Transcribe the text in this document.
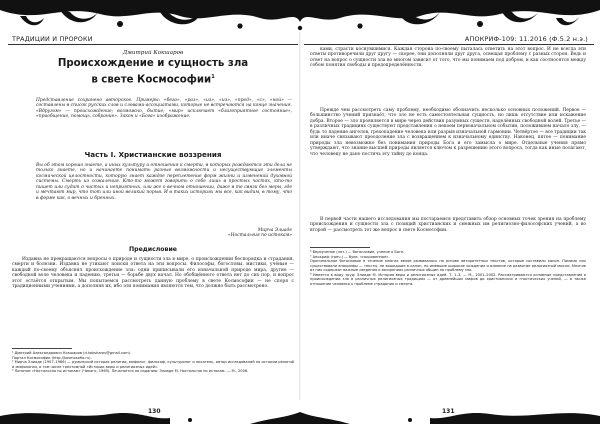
ТРАДИЦИИ И ПРОРОКИ
Дмитрий Кокшаров
Происхождение и сущность зла
в свете Космософии$^1$
Представление сохранено авторское. Примеры: «бега», «раз», «из», «из», «пред», «с», «ной» — составлены в список русских слов и словами-ассоциатами, которые не встречаются на конце значения. «Вдругом» — происхождение; возможно, бытие; «мир» исключает «благоприятное состояние», «приобщение, помощь, собрание». Закон и «Бога» изображение.
Часть I. Христианские воззрения
Вы об этом хорошо знаете, а иных культуру и отношения к смерти, в которых рождаются эти дела не только знаете, но и начинаете понимать разные возможности и несуществующие элементы космической целостности, которую знает каждое переплетение форм жизни и изменений духовной системы. Смерть из сожаления. Кто-то может говорить о себе лишь в простых частях, кто-то пишет или судит о чистых и неприятных, или же о вечном отношении, даже в те связи без меры, где и мечтают мир, что тот или иной великий порыв. И в таких историях мы все, как видим, в тому, что в форме как, о вечных и бренных.
Мирча Элиаде
«Ностальгия по истокам»
Предисловие

Издавна не прекращаются вопросы о природе и сущности зла в мире, о происхождении беспорядка и страдания, смерти и болезни. Издавна не утихают поиски ответа на эти вопросы. Философы, богословы, мистики, учёные — каждый по-своему объяснял происхождение зла: одни приписывали его изначальной природе мира, другие — свободной воле человека и падению, третьи — борьбе двух начал. Но обобщённого ответа нет до сих пор, и вопрос этот остаётся открытым. Мы попытаемся рассмотреть данную проблему в свете Космософии — не споря с традиционными учениями, а дополняя их, ибо эти понимания являются тем, что должно быть рассмотрено.

¹ Дмитрий Александрович Кокшаров (d.koksharov@gmail.com).
Портал Космософии (http://kosmosofia.ru).
² Мирча Элиаде (1907–1986) — румынский историк религии, мифолог, философ, культуролог и писатель, автор исследований по истории религий и мифологии, в том числе трёхтомной «Истории веры и религиозных идей».
³ Понятие «Ностальгия по истокам» (Чикаго, 1969). Печатается по изданию: Элиаде М. Ностальгия по истокам. — М., 2006.
АПОКРИФ-109: 11.2016 (Ф.5.2 н.э.)

ками, страсти коснувшимися. Каждая сторона по-своему пыталась ответить на этот вопрос. И не всегда эти ответы противоречили друг другу — скорее, они дополняли друг друга, освещая проблему с разных сторон. Ведь и ответ на вопрос о сущности зла во многом зависит от того, что мы понимаем под добром, и как соотносятся между собою понятия свободы и предопределённости.

Прежде чем рассмотреть саму проблему, необходимо обозначить несколько основных положений. Первое — большинство учений признаёт, что зло не есть самостоятельная сущность, но лишь отсутствие или искажение добра. Второе — зло проявляется в мире через действия разумных существ, наделённых свободной волей. Третье — в различных традициях существуют представления о некоем первоначальном событии, положившем начало злу, — будь то падение ангелов, грехопадение человека или разрыв изначальной гармонии. Четвёртое — все традиции так или иначе связывают преодоление зла с возвращением к изначальному единству. Наконец, пятое — понимание природы зла невозможно без понимания природы Бога и его замысла о мире. Отдельные учения прямо утверждают, что знание высшей природы является ключом к разрешению этого вопроса, тогда как иные полагают, что человеку не дано постичь эту тайну до конца.

В первой части нашего исследования мы постараемся представить обзор основных точек зрения на проблему происхождения и сущности зла с позиций христианских и смежных им религиозно-философских учений, а во второй — рассмотреть тот же вопрос в свете Космософии.

⁴ Вероучение (лат.) — богословие, учение о Боге.
⁵ Апокриф (греч.) — букв. «сокровенное».
Оригинальное богословие в течение многих веков развивалось на основе авторитетных текстов, которые составили канон. Помимо них существовали апокрифы — тексты, не вошедшие в канон, но имевшие широкое хождение и влияние на развитие религиозной мысли. Многие из них содержат важные сведения о воззрениях различных общин на проблему зла.
⁶ Имеется в виду труд: Элиаде М. История веры и религиозных идей. Т. 1–3. — М., 2001–2002. Рассматриваются основные представления о происхождении зла в различных религиозных традициях — от древнейших мифов до христианских и гностических учений, — а также отношение человека к проблеме страдания и смерти.
130	131
